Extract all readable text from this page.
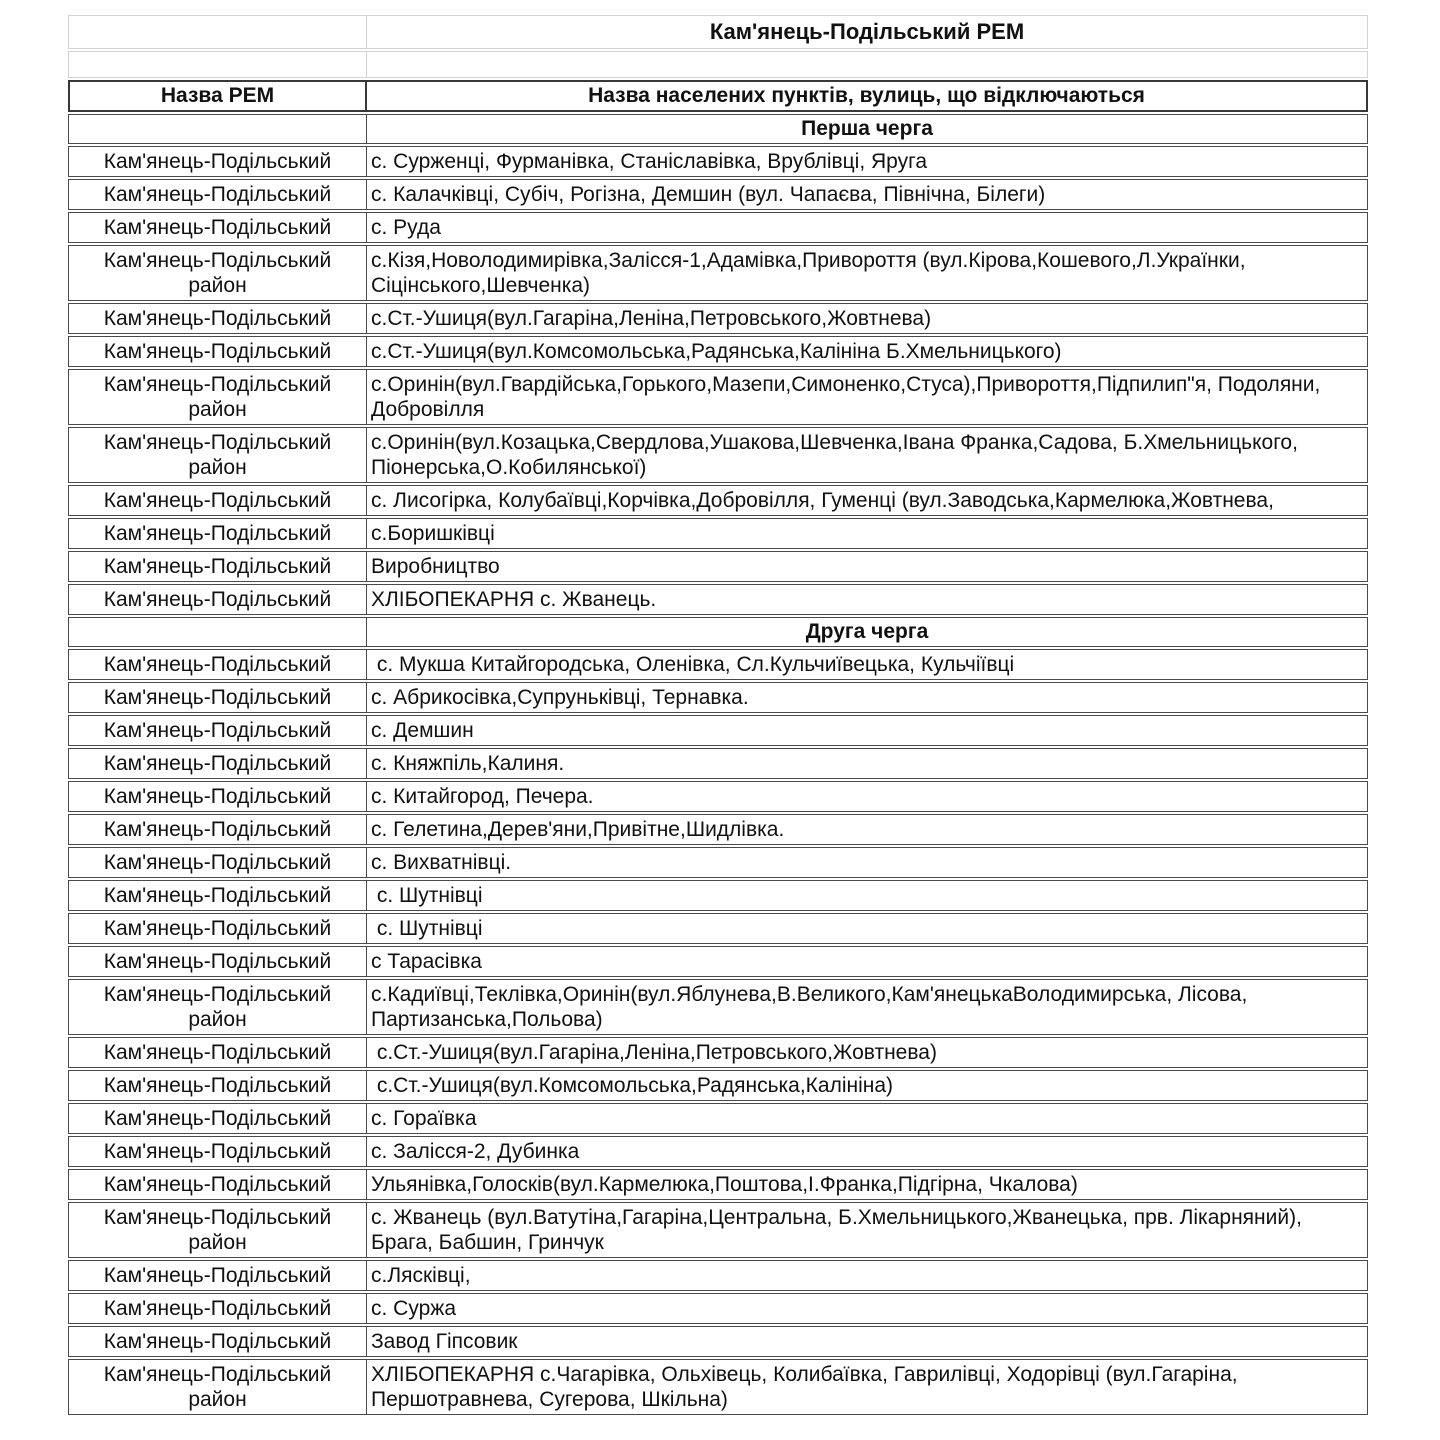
	Кам'янець-Подільський РЕМ

Назва РЕМ	Назва населених пунктів, вулиць, що відключаються
	Перша черга
Кам'янець-Подільський	с. Сурженці, Фурманівка, Станіславівка, Врублівці, Яруга
Кам'янець-Подільський	с. Калачківці, Субіч, Рогізна, Демшин (вул. Чапаєва, Північна, Білеги)
Кам'янець-Подільський	с. Руда
Кам'янець-Подільський район	с.Кізя,Новолодимирівка,Залісся-1,Адамівка,Привороття (вул.Кірова,Кошевого,Л.Українки, Сіцінського,Шевченка)
Кам'янець-Подільський	с.Ст.-Ушиця(вул.Гагаріна,Леніна,Петровського,Жовтнева)
Кам'янець-Подільський	с.Ст.-Ушиця(вул.Комсомольська,Радянська,Калініна Б.Хмельницького)
Кам'янець-Подільський район	с.Оринін(вул.Гвардійська,Горького,Мазепи,Симоненко,Стуса),Привороття,Підпилип"я, Подоляни, Добровілля
Кам'янець-Подільський район	с.Оринін(вул.Козацька,Свердлова,Ушакова,Шевченка,Івана Франка,Садова, Б.Хмельницького, Піонерська,О.Кобилянської)
Кам'янець-Подільський	с. Лисогірка, Колубаївці,Корчівка,Добровілля, Гуменці (вул.Заводська,Кармелюка,Жовтнева,
Кам'янець-Подільський	с.Боришківці
Кам'янець-Подільський	Виробництво
Кам'янець-Подільський	ХЛІБОПЕКАРНЯ с. Жванець.
	Друга черга
Кам'янець-Подільський	с. Мукша Китайгородська, Оленівка, Сл.Кульчиївецька, Кульчіївці
Кам'янець-Подільський	с. Абрикосівка,Супруньківці, Тернавка.
Кам'янець-Подільський	с. Демшин
Кам'янець-Подільський	с. Княжпіль,Калиня.
Кам'янець-Подільський	с. Китайгород, Печера.
Кам'янець-Подільський	с. Гелетина,Дерев'яни,Привітне,Шидлівка.
Кам'янець-Подільський	с. Вихватнівці.
Кам'янець-Подільський	с. Шутнівці
Кам'янець-Подільський	с. Шутнівці
Кам'янець-Подільський	с Тарасівка
Кам'янець-Подільський район	с.Кадиївці,Теклівка,Оринін(вул.Яблунева,В.Великого,Кам'янецькаВолодимирська, Лісова, Партизанська,Польова)
Кам'янець-Подільський	с.Ст.-Ушиця(вул.Гагаріна,Леніна,Петровського,Жовтнева)
Кам'янець-Подільський	с.Ст.-Ушиця(вул.Комсомольська,Радянська,Калініна)
Кам'янець-Подільський	с. Гораївка
Кам'янець-Подільський	с. Залісся-2, Дубинка
Кам'янець-Подільський	Ульянівка,Голосків(вул.Кармелюка,Поштова,І.Франка,Підгірна, Чкалова)
Кам'янець-Подільський район	с. Жванець (вул.Ватутіна,Гагаріна,Центральна, Б.Хмельницького,Жванецька, прв. Лікарняний), Брага, Бабшин, Гринчук
Кам'янець-Подільський	с.Лясківці,
Кам'янець-Подільський	с. Суржа
Кам'янець-Подільський	Завод Гіпсовик
Кам'янець-Подільський район	ХЛІБОПЕКАРНЯ с.Чагарівка, Ольхівець, Колибаївка, Гаврилівці, Ходорівці (вул.Гагаріна, Першотравнева, Сугерова, Шкільна)
